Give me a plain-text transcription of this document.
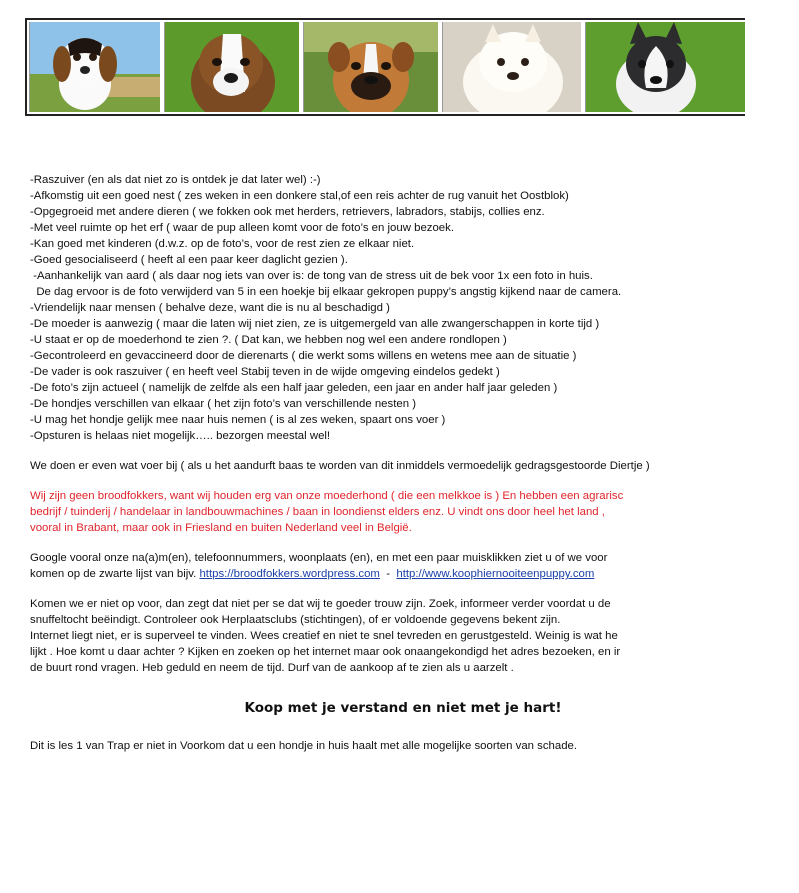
-Raszuiver (en als dat niet zo is ontdek je dat later wel) :-)
-Afkomstig uit een goed nest ( zes weken in een donkere stal,of een reis achter de rug vanuit het Oostblok)
-Opgegroeid met andere dieren ( we fokken ook met herders, retrievers, labradors, stabijs, collies enz.
-Met veel ruimte op het erf ( waar de pup alleen komt voor de foto’s en jouw bezoek.
-Kan goed met kinderen (d.w.z. op de foto’s, voor de rest zien ze elkaar niet.
-Goed gesocialiseerd ( heeft al een paar keer daglicht gezien ).
-Aanhankelijk van aard ( als daar nog iets van over is: de tong van de stress uit de bek voor 1x een foto in huis.
De dag ervoor is de foto verwijderd van 5 in een hoekje bij elkaar gekropen puppy’s angstig kijkend naar de camera.
-Vriendelijk naar mensen ( behalve deze, want die is nu al beschadigd )
-De moeder is aanwezig ( maar die laten wij niet zien, ze is uitgemergeld van alle zwangerschappen in korte tijd )
-U staat er op de moederhond te zien ?. ( Dat kan, we hebben nog wel een andere rondlopen )
-Gecontroleerd en gevaccineerd door de dierenarts ( die werkt soms willens en wetens mee aan de situatie )
-De vader is ook raszuiver ( en heeft veel Stabij teven in de wijde omgeving eindelos gedekt )
-De foto’s zijn actueel ( namelijk de zelfde als een half jaar geleden, een jaar en ander half jaar geleden )
-De hondjes verschillen van elkaar ( het zijn foto’s van verschillende nesten )
-U mag het hondje gelijk mee naar huis nemen ( is al zes weken, spaart ons voer )
-Opsturen is helaas niet mogelijk….. bezorgen meestal wel!

We doen er even wat voer bij ( als u het aandurft baas te worden van dit inmiddels vermoedelijk gedragsgestoorde Diertje )

Wij zijn geen broodfokkers, want wij houden erg van onze moederhond ( die een melkkoe is ) En hebben een agrarisc

bedrijf / tuinderij / handelaar in landbouwmachines / baan in loondienst elders enz. U vindt ons door heel het land ,

vooral in Brabant, maar ook in Friesland en buiten Nederland veel in België.

Google vooral onze na(a)m(en), telefoonnummers, woonplaats (en), en met een paar muisklikken ziet u of we voor

komen op de zwarte lijst van bijv. https://broodfokkers.wordpress.com - http://www.koophiernooiteenpuppy.com

Komen we er niet op voor, dan zegt dat niet per se dat wij te goeder trouw zijn. Zoek, informeer verder voordat u de

snuffeltocht beëindigt. Controleer ook Herplaatsclubs (stichtingen), of er voldoende gegevens bekent zijn.

Internet liegt niet, er is superveel te vinden. Wees creatief en niet te snel tevreden en gerustgesteld. Weinig is wat he

lijkt . Hoe komt u daar achter ? Kijken en zoeken op het internet maar ook onaangekondigd het adres bezoeken, en ir

de buurt rond vragen. Heb geduld en neem de tijd. Durf van de aankoop af te zien als u aarzelt .

Koop met je verstand en niet met je hart!

Dit is les 1 van Trap er niet in Voorkom dat u een hondje in huis haalt met alle mogelijke soorten van schade.
